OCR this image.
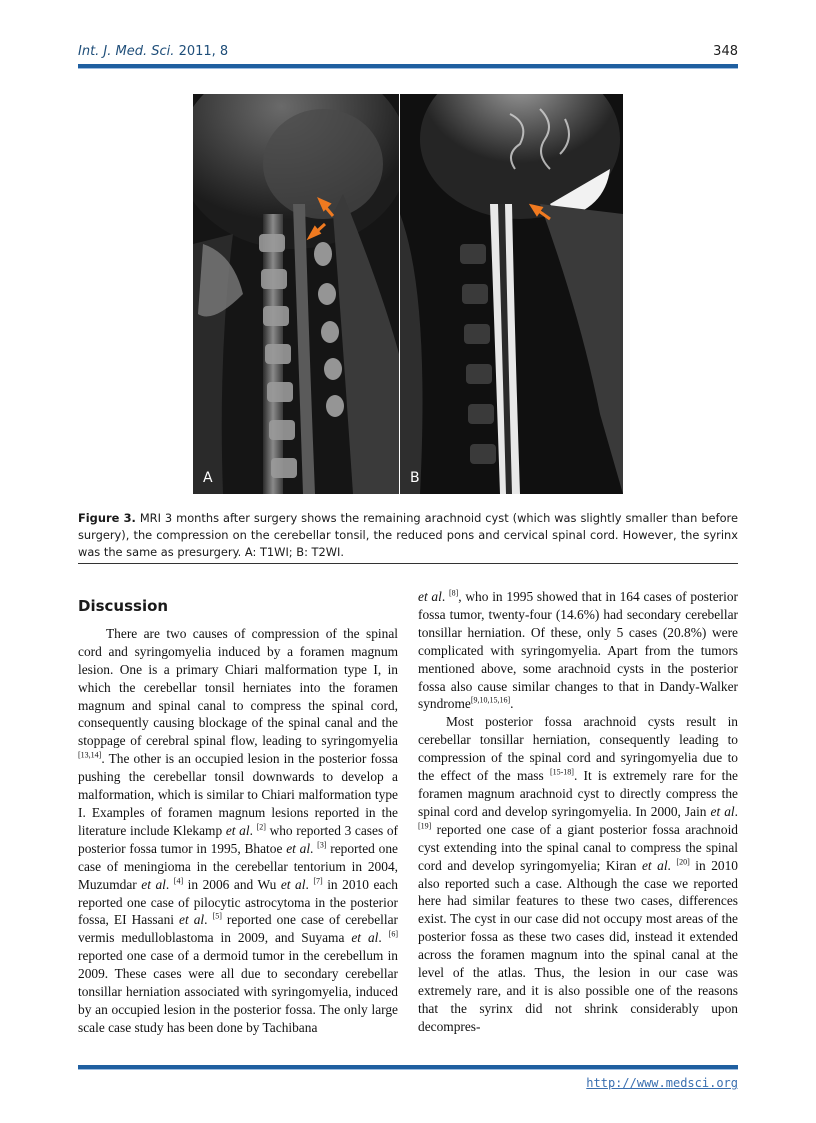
Int. J. Med. Sci. 2011, 8	348
A	B
Figure 3. MRI 3 months after surgery shows the remaining arachnoid cyst (which was slightly smaller than before surgery), the compression on the cerebellar tonsil, the reduced pons and cervical spinal cord. However, the syrinx was the same as presurgery. A: T1WI; B: T2WI.
Discussion

There are two causes of compression of the spinal cord and syringomyelia induced by a foramen magnum lesion. One is a primary Chiari malformation type I, in which the cerebellar tonsil herniates into the foramen magnum and spinal canal to compress the spinal cord, consequently causing blockage of the spinal canal and the stoppage of cerebral spinal flow, leading to syringomyelia [13,14]. The other is an occupied lesion in the posterior fossa pushing the cerebellar tonsil downwards to develop a malformation, which is similar to Chiari malformation type I. Examples of foramen magnum lesions reported in the literature include Klekamp et al. [2] who reported 3 cases of posterior fossa tumor in 1995, Bhatoe et al. [3] reported one case of meningioma in the cerebellar tentorium in 2004, Muzumdar et al. [4] in 2006 and Wu et al. [7] in 2010 each reported one case of pilocytic astrocytoma in the posterior fossa, EI Hassani et al. [5] reported one case of cerebellar vermis medulloblastoma in 2009, and Suyama et al. [6] reported one case of a dermoid tumor in the cerebellum in 2009. These cases were all due to secondary cerebellar tonsillar herniation associated with syringomyelia, induced by an occupied lesion in the posterior fossa. The only large scale case study has been done by Tachibana

et al. [8], who in 1995 showed that in 164 cases of posterior fossa tumor, twenty-four (14.6%) had secondary cerebellar tonsillar herniation. Of these, only 5 cases (20.8%) were complicated with syringomyelia. Apart from the tumors mentioned above, some arachnoid cysts in the posterior fossa also cause similar changes to that in Dandy-Walker syndrome[9,10,15,16].

Most posterior fossa arachnoid cysts result in cerebellar tonsillar herniation, consequently leading to compression of the spinal cord and syringomyelia due to the effect of the mass [15-18]. It is extremely rare for the foramen magnum arachnoid cyst to directly compress the spinal cord and develop syringomyelia. In 2000, Jain et al. [19] reported one case of a giant posterior fossa arachnoid cyst extending into the spinal canal to compress the spinal cord and develop syringomyelia; Kiran et al. [20] in 2010 also reported such a case. Although the case we reported here had similar features to these two cases, differences exist. The cyst in our case did not occupy most areas of the posterior fossa as these two cases did, instead it extended across the foramen magnum into the spinal canal at the level of the atlas. Thus, the lesion in our case was extremely rare, and it is also possible one of the reasons that the syrinx did not shrink considerably upon decompres-

http://www.medsci.org
